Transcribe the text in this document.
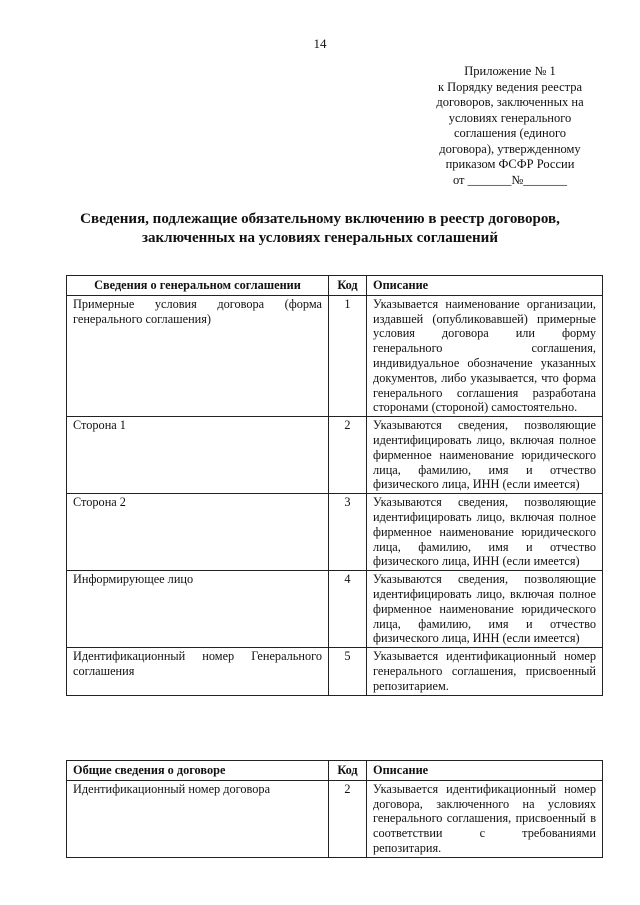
14
Приложение № 1
к Порядку ведения реестра
договоров, заключенных на
условиях генерального
соглашения (единого
договора), утвержденному
приказом ФСФР России
от _______№_______
Сведения, подлежащие обязательному включению в реестр договоров,
заключенных на условиях генеральных соглашений
Сведения о генеральном соглашении	Код	Описание
Примерные условия договора (форма генерального соглашения)	1	Указывается наименование организации, издавшей (опубликовавшей) примерные условия договора или форму генерального соглашения, индивидуальное обозначение указанных документов, либо указывается, что форма генерального соглашения разработана сторонами (стороной) самостоятельно.
Сторона 1	2	Указываются сведения, позволяющие идентифицировать лицо, включая полное фирменное наименование юридического лица, фамилию, имя и отчество физического лица, ИНН (если имеется)
Сторона 2	3	Указываются сведения, позволяющие идентифицировать лицо, включая полное фирменное наименование юридического лица, фамилию, имя и отчество физического лица, ИНН (если имеется)
Информирующее лицо	4	Указываются сведения, позволяющие идентифицировать лицо, включая полное фирменное наименование юридического лица, фамилию, имя и отчество физического лица, ИНН (если имеется)
Идентификационный номер Генерального соглашения	5	Указывается идентификационный номер генерального соглашения, присвоенный репозитарием.
Общие сведения о договоре	Код	Описание
Идентификационный номер договора	2	Указывается идентификационный номер договора, заключенного на условиях генерального соглашения, присвоенный в соответствии с требованиями репозитария.
